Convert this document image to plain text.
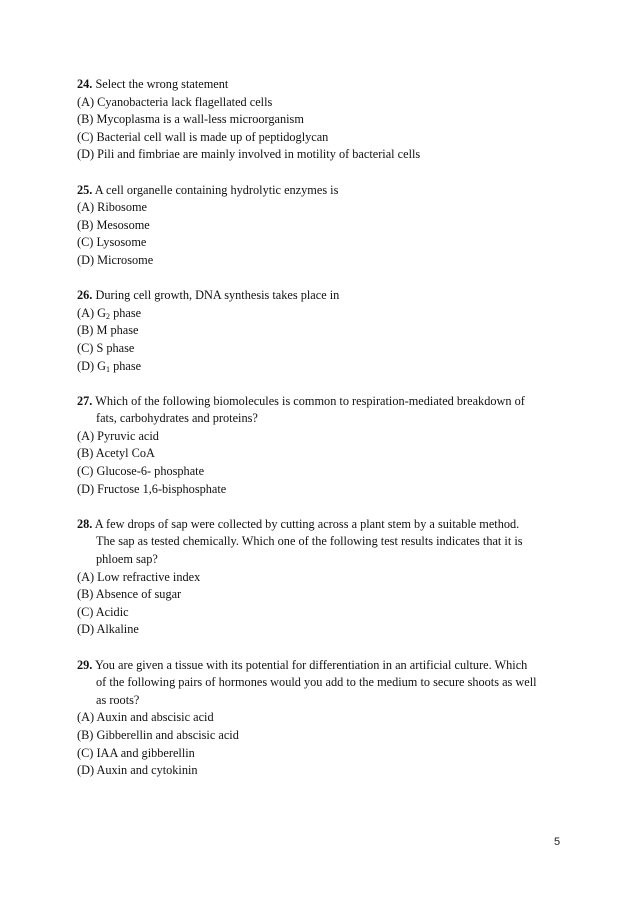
24. Select the wrong statement
(A) Cyanobacteria lack flagellated cells
(B) Mycoplasma is a wall-less microorganism
(C) Bacterial cell wall is made up of peptidoglycan
(D) Pili and fimbriae are mainly involved in motility of bacterial cells
25. A cell organelle containing hydrolytic enzymes is
(A) Ribosome
(B) Mesosome
(C) Lysosome
(D) Microsome
26. During cell growth, DNA synthesis takes place in
(A) $G_2$ phase
(B) M phase
(C) S phase
(D) $G_1$ phase
27. Which of the following biomolecules is common to respiration-mediated breakdown of
fats, carbohydrates and proteins?
(A) Pyruvic acid
(B) Acetyl CoA
(C) Glucose-6- phosphate
(D) Fructose 1,6-bisphosphate
28. A few drops of sap were collected by cutting across a plant stem by a suitable method.
The sap as tested chemically. Which one of the following test results indicates that it is
phloem sap?
(A) Low refractive index
(B) Absence of sugar
(C) Acidic
(D) Alkaline
29. You are given a tissue with its potential for differentiation in an artificial culture. Which
of the following pairs of hormones would you add to the medium to secure shoots as well
as roots?
(A) Auxin and abscisic acid
(B) Gibberellin and abscisic acid
(C) IAA and gibberellin
(D) Auxin and cytokinin
5
